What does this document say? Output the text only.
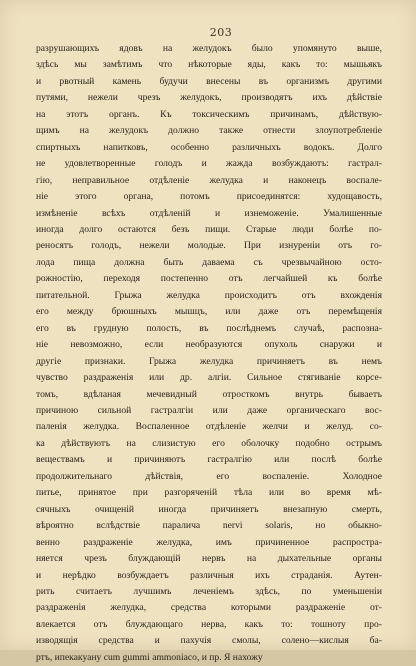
203
разрушающихъ ядовъ на желудокъ было упомянуто выше,
здѣсь мы замѣтимъ что нѣкоторые яды, какъ то: мышьякъ
и рвотный камень будучи внесены въ организмъ другими
путями, нежели чрезъ желудокъ, производятъ ихъ дѣйствіе
на этотъ органъ. Къ токсическимъ причинамъ, дѣйствую-
щимъ на желудокъ должно также отнести злоупотребленіе
спиртныхъ напитковъ, особенно различныхъ водокъ. Долго
не удовлетворенные голодъ и жажда возбуждаютъ: гастрал-
гію, неправильное отдѣленіе желудка и наконецъ воспале-
ніе этого органа, потомъ присоединятся: худощавость,
измѣненіе всѣхъ отдѣленій и изнеможеніе. Умалишенные
иногда долго остаются безъ пищи. Старые люди болѣе по-
реносятъ голодъ, нежели молодые. При изнуреніи отъ го-
лода пища должна быть даваема съ чрезвычайною осто-
рожностію, переходя постепенно отъ легчайшей къ болѣе
питательной. Грыжа желудка происходитъ отъ вхожденія
его между брюшныхъ мышцъ, или даже отъ перемѣщенія
его въ грудную полость, въ послѣднемъ случаѣ, распозна-
ніе невозможно, если необразуются опухоль снаружи и
другіе признаки. Грыжа желудка причиняетъ въ немъ
чувство раздраженія или др. алгіи. Сильное стягиваніе корсе-
томъ, вдѣланая мечевидный отросткомъ внутрь бываетъ
причиною сильной гастралгіи или даже органическаго вос-
паленія желудка. Воспаленное отдѣленіе желчи и желуд. со-
ка дѣйствуютъ на слизистую его оболочку подобно острымъ
веществамъ и причиняютъ гастралгію или послѣ болѣе
продолжительнаго дѣйствія, его воспаленіе. Холодное
питье, принятое при разгоряченій тѣла или во время мѣ-
сячныхъ очищеній иногда причиняетъ внезапную смерть,
вѣроятно вслѣдствіе паралича nervi solaris, но обыкно-
венно раздраженіе желудка, имъ причиненное распростра-
няется чрезъ блуждающій нервъ на дыхательные органы
и нерѣдко возбуждаетъ различныя ихъ страданія. Аутен-
рить считаетъ лучшимъ леченіемъ здѣсь, по уменьшеніи
раздраженія желудка, средства которыми раздраженіе от-
влекается отъ блуждающаго нерва, какъ то: тошноту про-
изводящія средства и пахучія смолы, солено—кислыя ба-
ртъ, ипекакуану cum gummi ammoniaco, и пр. Я нахожу
